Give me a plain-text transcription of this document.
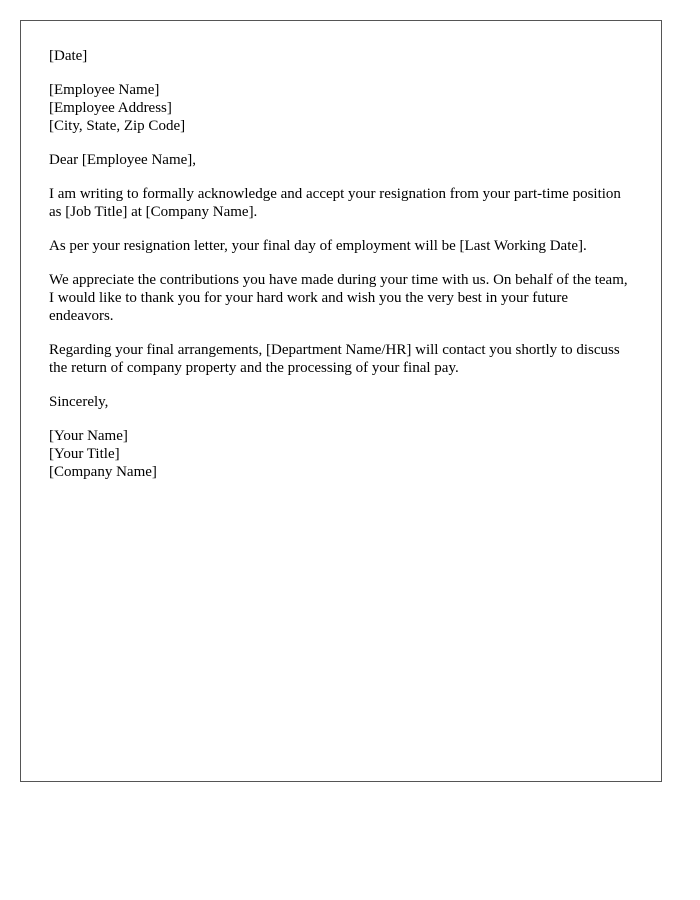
[Date]

[Employee Name]
[Employee Address]
[City, State, Zip Code]

Dear [Employee Name],

I am writing to formally acknowledge and accept your resignation from your part-time position as [Job Title] at [Company Name].

As per your resignation letter, your final day of employment will be [Last Working Date].

We appreciate the contributions you have made during your time with us. On behalf of the team, I would like to thank you for your hard work and wish you the very best in your future endeavors.

Regarding your final arrangements, [Department Name/HR] will contact you shortly to discuss the return of company property and the processing of your final pay.

Sincerely,

[Your Name]
[Your Title]
[Company Name]
